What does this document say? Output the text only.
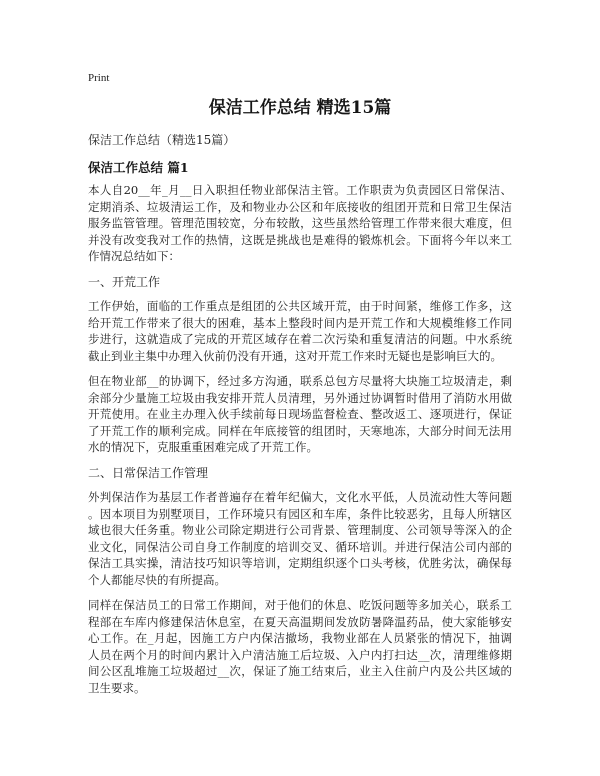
Print
保洁工作总结 精选15篇
保洁工作总结（精选15篇）
保洁工作总结 篇1
本人自20__年_月__日入职担任物业部保洁主管。工作职责为负责园区日常保洁、
定期消杀、垃圾清运工作，及和物业办公区和年底接收的组团开荒和日常卫生保洁
服务监管管理。管理范围较宽，分布较散，这些虽然给管理工作带来很大难度，但
并没有改变我对工作的热情，这既是挑战也是难得的锻炼机会。下面将今年以来工
作情况总结如下：
一、开荒工作
工作伊始，面临的工作重点是组团的公共区域开荒，由于时间紧，维修工作多，这
给开荒工作带来了很大的困难，基本上整段时间内是开荒工作和大规模维修工作同
步进行，这就造成了完成的开荒区域存在着二次污染和重复清洁的问题。中水系统
截止到业主集中办理入伙前仍没有开通，这对开荒工作来时无疑也是影响巨大的。
但在物业部__的协调下，经过多方沟通，联系总包方尽量将大块施工垃圾清走，剩
余部分少量施工垃圾由我安排开荒人员清理，另外通过协调暂时借用了消防水用做
开荒使用。在业主办理入伙手续前每日现场监督检查、整改返工、逐项进行，保证
了开荒工作的顺利完成。同样在年底接管的组团时，天寒地冻，大部分时间无法用
水的情况下，克服重重困难完成了开荒工作。
二、日常保洁工作管理
外判保洁作为基层工作者普遍存在着年纪偏大，文化水平低，人员流动性大等问题
。因本项目为别墅项目，工作环境只有园区和车库，条件比较恶劣，且每人所辖区
域也很大任务重。物业公司除定期进行公司背景、管理制度、公司领导等深入的企
业文化，同保洁公司自身工作制度的培训交叉、循环培训。并进行保洁公司内部的
保洁工具实操，清洁技巧知识等培训，定期组织逐个口头考核，优胜劣汰，确保每
个人都能尽快的有所提高。
同样在保洁员工的日常工作期间，对于他们的休息、吃饭问题等多加关心，联系工
程部在车库内修建保洁休息室，在夏天高温期间发放防暑降温药品，使大家能够安
心工作。在_月起，因施工方户内保洁撤场，我物业部在人员紧张的情况下，抽调
人员在两个月的时间内累计入户清洁施工后垃圾、入户内打扫达__次，清理维修期
间公区乱堆施工垃圾超过__次，保证了施工结束后，业主入住前户内及公共区域的
卫生要求。
